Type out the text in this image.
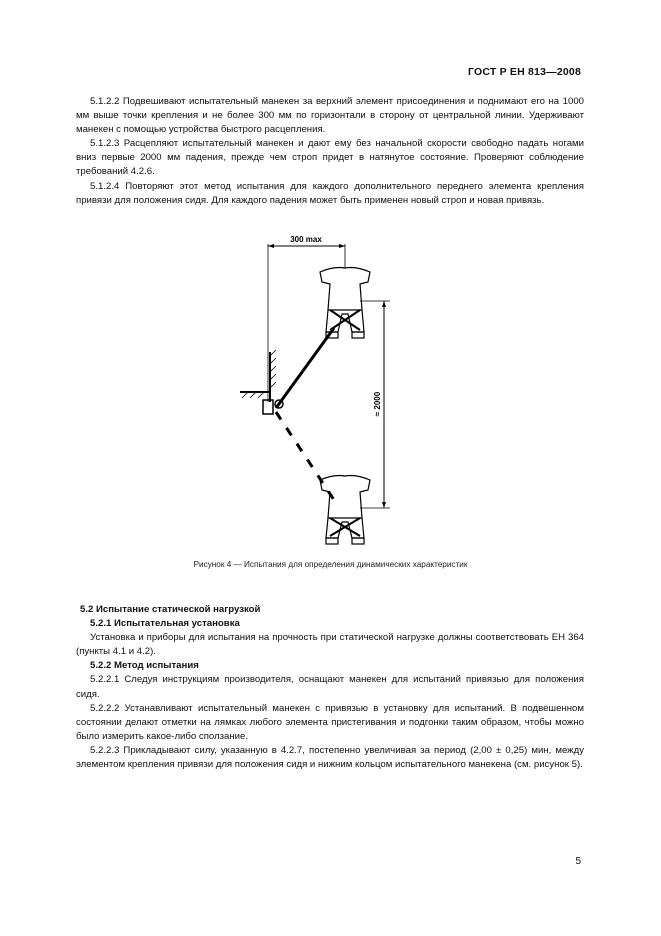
ГОСТ Р ЕН 813—2008

5.1.2.2 Подвешивают испытательный манекен за верхний элемент присоединения и поднимают его на 1000 мм выше точки крепления и не более 300 мм по горизонтали в сторону от центральной линии. Удерживают манекен с помощью устройства быстрого расцепления.

5.1.2.3 Расцепляют испытательный манекен и дают ему без начальной скорости свободно падать ногами вниз первые 2000 мм падения, прежде чем строп придет в натянутое состояние. Проверяют соблюдение требований 4.2.6.

5.1.2.4 Повторяют этот метод испытания для каждого дополнительного переднего элемента крепления привязи для положения сидя. Для каждого падения может быть применен новый строп и новая привязь.

300 max
≈ 2000
Рисунок 4 — Испытания для определения динамических характеристик

5.2 Испытание статической нагрузкой

5.2.1 Испытательная установка

Установка и приборы для испытания на прочность при статической нагрузке должны соответствовать ЕН 364 (пункты 4.1 и 4.2).

5.2.2 Метод испытания

5.2.2.1 Следуя инструкциям производителя, оснащают манекен для испытаний привязью для положения сидя.

5.2.2.2 Устанавливают испытательный манекен с привязью в установку для испытаний. В подвешенном состоянии делают отметки на лямках любого элемента пристегивания и подгонки таким образом, чтобы можно было измерить какое-либо сползание.

5.2.2.3 Прикладывают силу, указанную в 4.2.7, постепенно увеличивая за период (2,00 ± 0,25) мин, между элементом крепления привязи для положения сидя и нижним кольцом испытательного манекена (см. рисунок 5).

5
